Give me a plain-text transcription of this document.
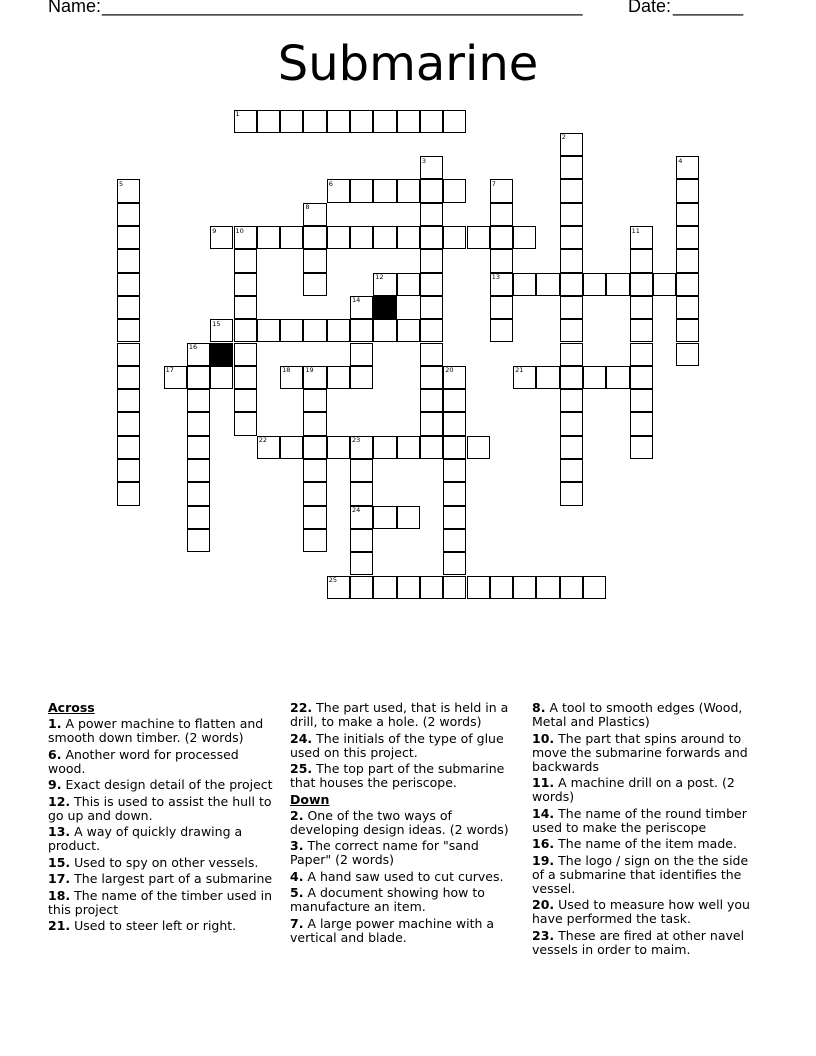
Name: ________________________________________________	Date: _______
Submarine
1
2
3	4
5	6	7
8
9	10	11
12	13
14
15
16
17	18 19	20	21
22	23
24
25
Across
1. A power machine to flatten and smooth down timber. (2 words)
6. Another word for processed wood.
9. Exact design detail of the project
12. This is used to assist the hull to go up and down.
13. A way of quickly drawing a product.
15. Used to spy on other vessels.
17. The largest part of a submarine
18. The name of the timber used in this project
21. Used to steer left or right.
22. The part used, that is held in a drill, to make a hole. (2 words)
24. The initials of the type of glue used on this project.
25. The top part of the submarine that houses the periscope.
Down
2. One of the two ways of developing design ideas. (2 words)
3. The correct name for "sand Paper" (2 words)
4. A hand saw used to cut curves.
5. A document showing how to manufacture an item.
7. A large power machine with a vertical and blade.
8. A tool to smooth edges (Wood, Metal and Plastics)
10. The part that spins around to move the submarine forwards and backwards
11. A machine drill on a post. (2 words)
14. The name of the round timber used to make the periscope
16. The name of the item made.
19. The logo / sign on the the side of a submarine that identifies the vessel.
20. Used to measure how well you have performed the task.
23. These are fired at other navel vessels in order to maim.
